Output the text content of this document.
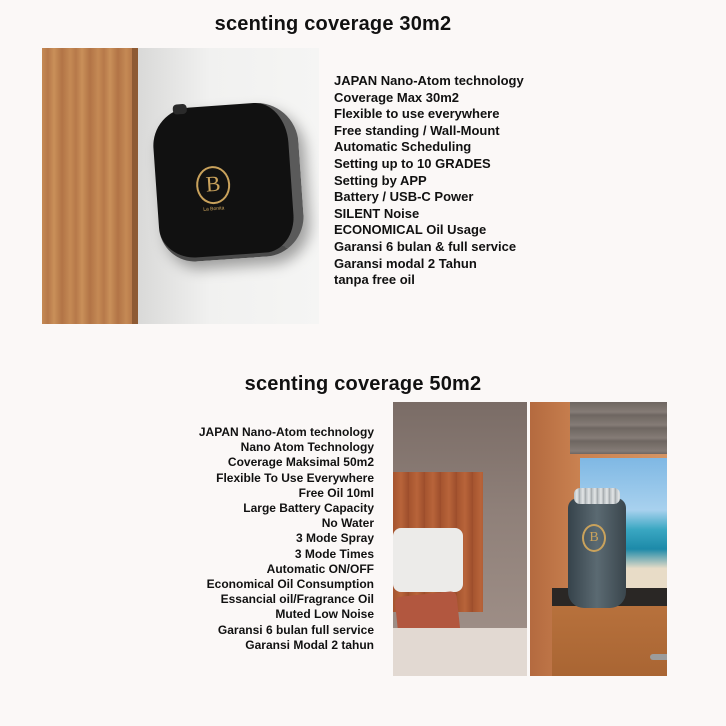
scenting coverage 30m2
B
La Bonita
JAPAN Nano-Atom technology
Coverage Max 30m2
Flexible to use everywhere
Free standing / Wall-Mount
Automatic Scheduling
Setting up to 10 GRADES
Setting by APP
Battery / USB-C Power
SILENT Noise
ECONOMICAL Oil Usage
Garansi 6 bulan & full service
Garansi modal 2 Tahun
tanpa free oil
scenting coverage 50m2
JAPAN Nano-Atom technology
Nano Atom Technology
Coverage Maksimal 50m2
Flexible To Use Everywhere
Free Oil 10ml
Large Battery Capacity
No Water
3 Mode Spray
3 Mode Times
Automatic ON/OFF
Economical Oil Consumption
Essancial oil/Fragrance Oil
Muted Low Noise
Garansi 6 bulan full service
Garansi Modal 2 tahun
B
